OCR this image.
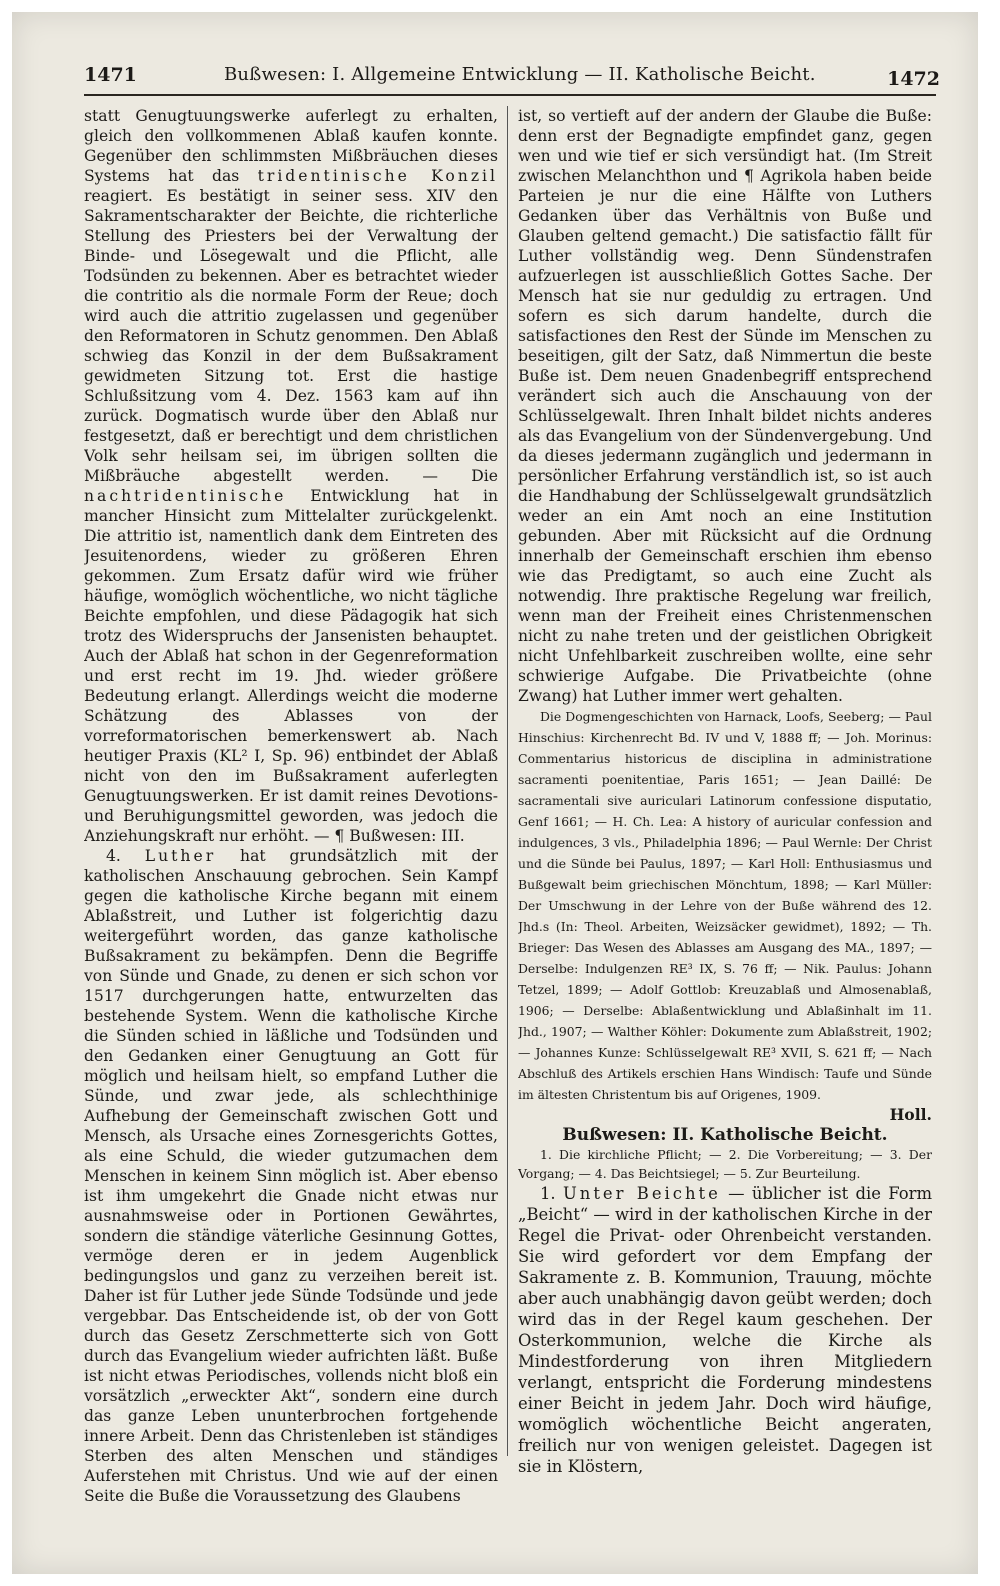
1471	Bußwesen: I. Allgemeine Entwicklung — II. Katholische Beicht.	1472

statt Genugtuungswerke auferlegt zu erhalten, gleich den vollkommenen Ablaß kaufen konnte. Gegenüber den schlimmsten Mißbräuchen dieses Systems hat das tridentinische Konzil reagiert. Es bestätigt in seiner sess. XIV den Sakramentscharakter der Beichte, die richterliche Stellung des Priesters bei der Verwaltung der Binde- und Lösegewalt und die Pflicht, alle Todsünden zu bekennen. Aber es betrachtet wieder die contritio als die normale Form der Reue; doch wird auch die attritio zugelassen und gegenüber den Reformatoren in Schutz genommen. Den Ablaß schwieg das Konzil in der dem Bußsakrament gewidmeten Sitzung tot. Erst die hastige Schlußsitzung vom 4. Dez. 1563 kam auf ihn zurück. Dogmatisch wurde über den Ablaß nur festgesetzt, daß er berechtigt und dem christlichen Volk sehr heilsam sei, im übrigen sollten die Mißbräuche abgestellt werden. — Die nachtridentinische Entwicklung hat in mancher Hinsicht zum Mittelalter zurückgelenkt. Die attritio ist, namentlich dank dem Eintreten des Jesuitenordens, wieder zu größeren Ehren gekommen. Zum Ersatz dafür wird wie früher häufige, womöglich wöchentliche, wo nicht tägliche Beichte empfohlen, und diese Pädagogik hat sich trotz des Widerspruchs der Jansenisten behauptet. Auch der Ablaß hat schon in der Gegenreformation und erst recht im 19. Jhd. wieder größere Bedeutung erlangt. Allerdings weicht die moderne Schätzung des Ablasses von der vorreformatorischen bemerkenswert ab. Nach heutiger Praxis (KL² I, Sp. 96) entbindet der Ablaß nicht von den im Bußsakrament auferlegten Genugtuungswerken. Er ist damit reines Devotions- und Beruhigungsmittel geworden, was jedoch die Anziehungskraft nur erhöht. — ¶ Bußwesen: III.

4. Luther hat grundsätzlich mit der katholischen Anschauung gebrochen. Sein Kampf gegen die katholische Kirche begann mit einem Ablaßstreit, und Luther ist folgerichtig dazu weitergeführt worden, das ganze katholische Bußsakrament zu bekämpfen. Denn die Begriffe von Sünde und Gnade, zu denen er sich schon vor 1517 durchgerungen hatte, entwurzelten das bestehende System. Wenn die katholische Kirche die Sünden schied in läßliche und Todsünden und den Gedanken einer Genugtuung an Gott für möglich und heilsam hielt, so empfand Luther die Sünde, und zwar jede, als schlechthinige Aufhebung der Gemeinschaft zwischen Gott und Mensch, als Ursache eines Zornesgerichts Gottes, als eine Schuld, die wieder gutzumachen dem Menschen in keinem Sinn möglich ist. Aber ebenso ist ihm umgekehrt die Gnade nicht etwas nur ausnahmsweise oder in Portionen Gewährtes, sondern die ständige väterliche Gesinnung Gottes, vermöge deren er in jedem Augenblick bedingungslos und ganz zu verzeihen bereit ist. Daher ist für Luther jede Sünde Todsünde und jede vergebbar. Das Entscheidende ist, ob der von Gott durch das Gesetz Zerschmetterte sich von Gott durch das Evangelium wieder aufrichten läßt. Buße ist nicht etwas Periodisches, vollends nicht bloß ein vorsätzlich „erweckter Akt“, sondern eine durch das ganze Leben ununterbrochen fortgehende innere Arbeit. Denn das Christenleben ist ständiges Sterben des alten Menschen und ständiges Auferstehen mit Christus. Und wie auf der einen Seite die Buße die Voraussetzung des Glaubens

ist, so vertieft auf der andern der Glaube die Buße: denn erst der Begnadigte empfindet ganz, gegen wen und wie tief er sich versündigt hat. (Im Streit zwischen Melanchthon und ¶ Agrikola haben beide Parteien je nur die eine Hälfte von Luthers Gedanken über das Verhältnis von Buße und Glauben geltend gemacht.) Die satisfactio fällt für Luther vollständig weg. Denn Sündenstrafen aufzuerlegen ist ausschließlich Gottes Sache. Der Mensch hat sie nur geduldig zu ertragen. Und sofern es sich darum handelte, durch die satisfactiones den Rest der Sünde im Menschen zu beseitigen, gilt der Satz, daß Nimmertun die beste Buße ist. Dem neuen Gnadenbegriff entsprechend verändert sich auch die Anschauung von der Schlüsselgewalt. Ihren Inhalt bildet nichts anderes als das Evangelium von der Sündenvergebung. Und da dieses jedermann zugänglich und jedermann in persönlicher Erfahrung verständlich ist, so ist auch die Handhabung der Schlüsselgewalt grundsätzlich weder an ein Amt noch an eine Institution gebunden. Aber mit Rücksicht auf die Ordnung innerhalb der Gemeinschaft erschien ihm ebenso wie das Predigtamt, so auch eine Zucht als notwendig. Ihre praktische Regelung war freilich, wenn man der Freiheit eines Christenmenschen nicht zu nahe treten und der geistlichen Obrigkeit nicht Unfehlbarkeit zuschreiben wollte, eine sehr schwierige Aufgabe. Die Privatbeichte (ohne Zwang) hat Luther immer wert gehalten.

Die Dogmengeschichten von Harnack, Loofs, Seeberg; — Paul Hinschius: Kirchenrecht Bd. IV und V, 1888 ff; — Joh. Morinus: Commentarius historicus de disciplina in administratione sacramenti poenitentiae, Paris 1651; — Jean Daillé: De sacramentali sive auriculari Latinorum confessione disputatio, Genf 1661; — H. Ch. Lea: A history of auricular confession and indulgences, 3 vls., Philadelphia 1896; — Paul Wernle: Der Christ und die Sünde bei Paulus, 1897; — Karl Holl: Enthusiasmus und Bußgewalt beim griechischen Mönchtum, 1898; — Karl Müller: Der Umschwung in der Lehre von der Buße während des 12. Jhd.s (In: Theol. Arbeiten, Weizsäcker gewidmet), 1892; — Th. Brieger: Das Wesen des Ablasses am Ausgang des MA., 1897; — Derselbe: Indulgenzen RE³ IX, S. 76 ff; — Nik. Paulus: Johann Tetzel, 1899; — Adolf Gottlob: Kreuzablaß und Almosenablaß, 1906; — Derselbe: Ablaßentwicklung und Ablaßinhalt im 11. Jhd., 1907; — Walther Köhler: Dokumente zum Ablaßstreit, 1902; — Johannes Kunze: Schlüsselgewalt RE³ XVII, S. 621 ff; — Nach Abschluß des Artikels erschien Hans Windisch: Taufe und Sünde im ältesten Christentum bis auf Origenes, 1909.

Holl.

Bußwesen: II. Katholische Beicht.

1. Die kirchliche Pflicht; — 2. Die Vorbereitung; — 3. Der Vorgang; — 4. Das Beichtsiegel; — 5. Zur Beurteilung.

1. Unter Beichte — üblicher ist die Form „Beicht“ — wird in der katholischen Kirche in der Regel die Privat- oder Ohrenbeicht verstanden. Sie wird gefordert vor dem Empfang der Sakramente z. B. Kommunion, Trauung, möchte aber auch unabhängig davon geübt werden; doch wird das in der Regel kaum geschehen. Der Osterkommunion, welche die Kirche als Mindestforderung von ihren Mitgliedern verlangt, entspricht die Forderung mindestens einer Beicht in jedem Jahr. Doch wird häufige, womöglich wöchentliche Beicht angeraten, freilich nur von wenigen geleistet. Dagegen ist sie in Klöstern,
